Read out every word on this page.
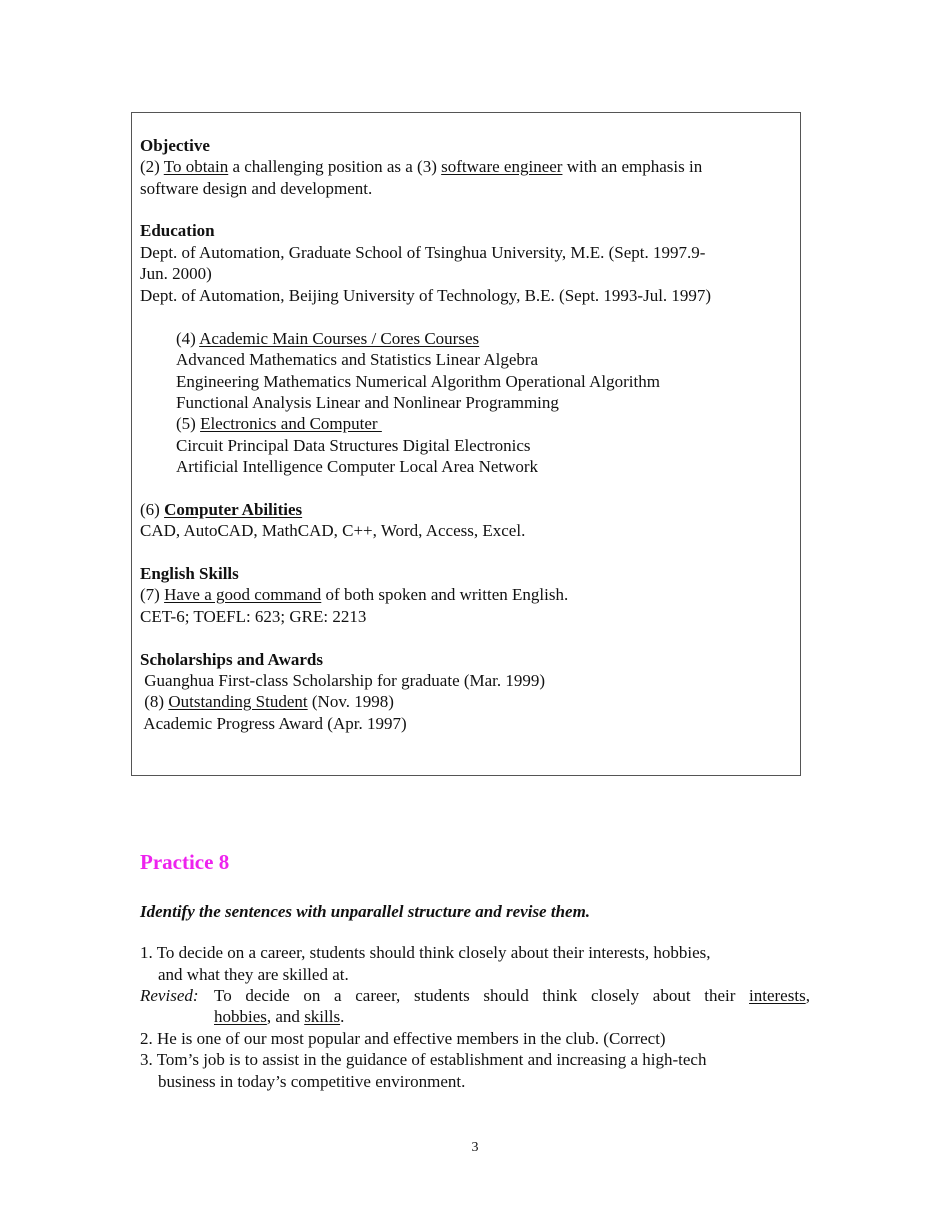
Objective
(2) To obtain a challenging position as a (3) software engineer with an emphasis in
software design and development.
Education
Dept. of Automation, Graduate School of Tsinghua University, M.E. (Sept. 1997.9-
Jun. 2000)
Dept. of Automation, Beijing University of Technology, B.E. (Sept. 1993-Jul. 1997)
(4) Academic Main Courses / Cores Courses
Advanced Mathematics and Statistics Linear Algebra
Engineering Mathematics Numerical Algorithm Operational Algorithm
Functional Analysis Linear and Nonlinear Programming
(5) Electronics and Computer
Circuit Principal Data Structures Digital Electronics
Artificial Intelligence Computer Local Area Network
(6) Computer Abilities
CAD, AutoCAD, MathCAD, C++, Word, Access, Excel.
English Skills
(7) Have a good command of both spoken and written English.
CET-6; TOEFL: 623; GRE: 2213
Scholarships and Awards
Guanghua First-class Scholarship for graduate (Mar. 1999)
(8) Outstanding Student (Nov. 1998)
Academic Progress Award (Apr. 1997)
Practice 8
Identify the sentences with unparallel structure and revise them.
1. To decide on a career, students should think closely about their interests, hobbies,
and what they are skilled at.
Revised: To decide on a career, students should think closely about their interests,
hobbies, and skills.
2. He is one of our most popular and effective members in the club. (Correct)
3. Tom’s job is to assist in the guidance of establishment and increasing a high-tech
business in today’s competitive environment.
3
